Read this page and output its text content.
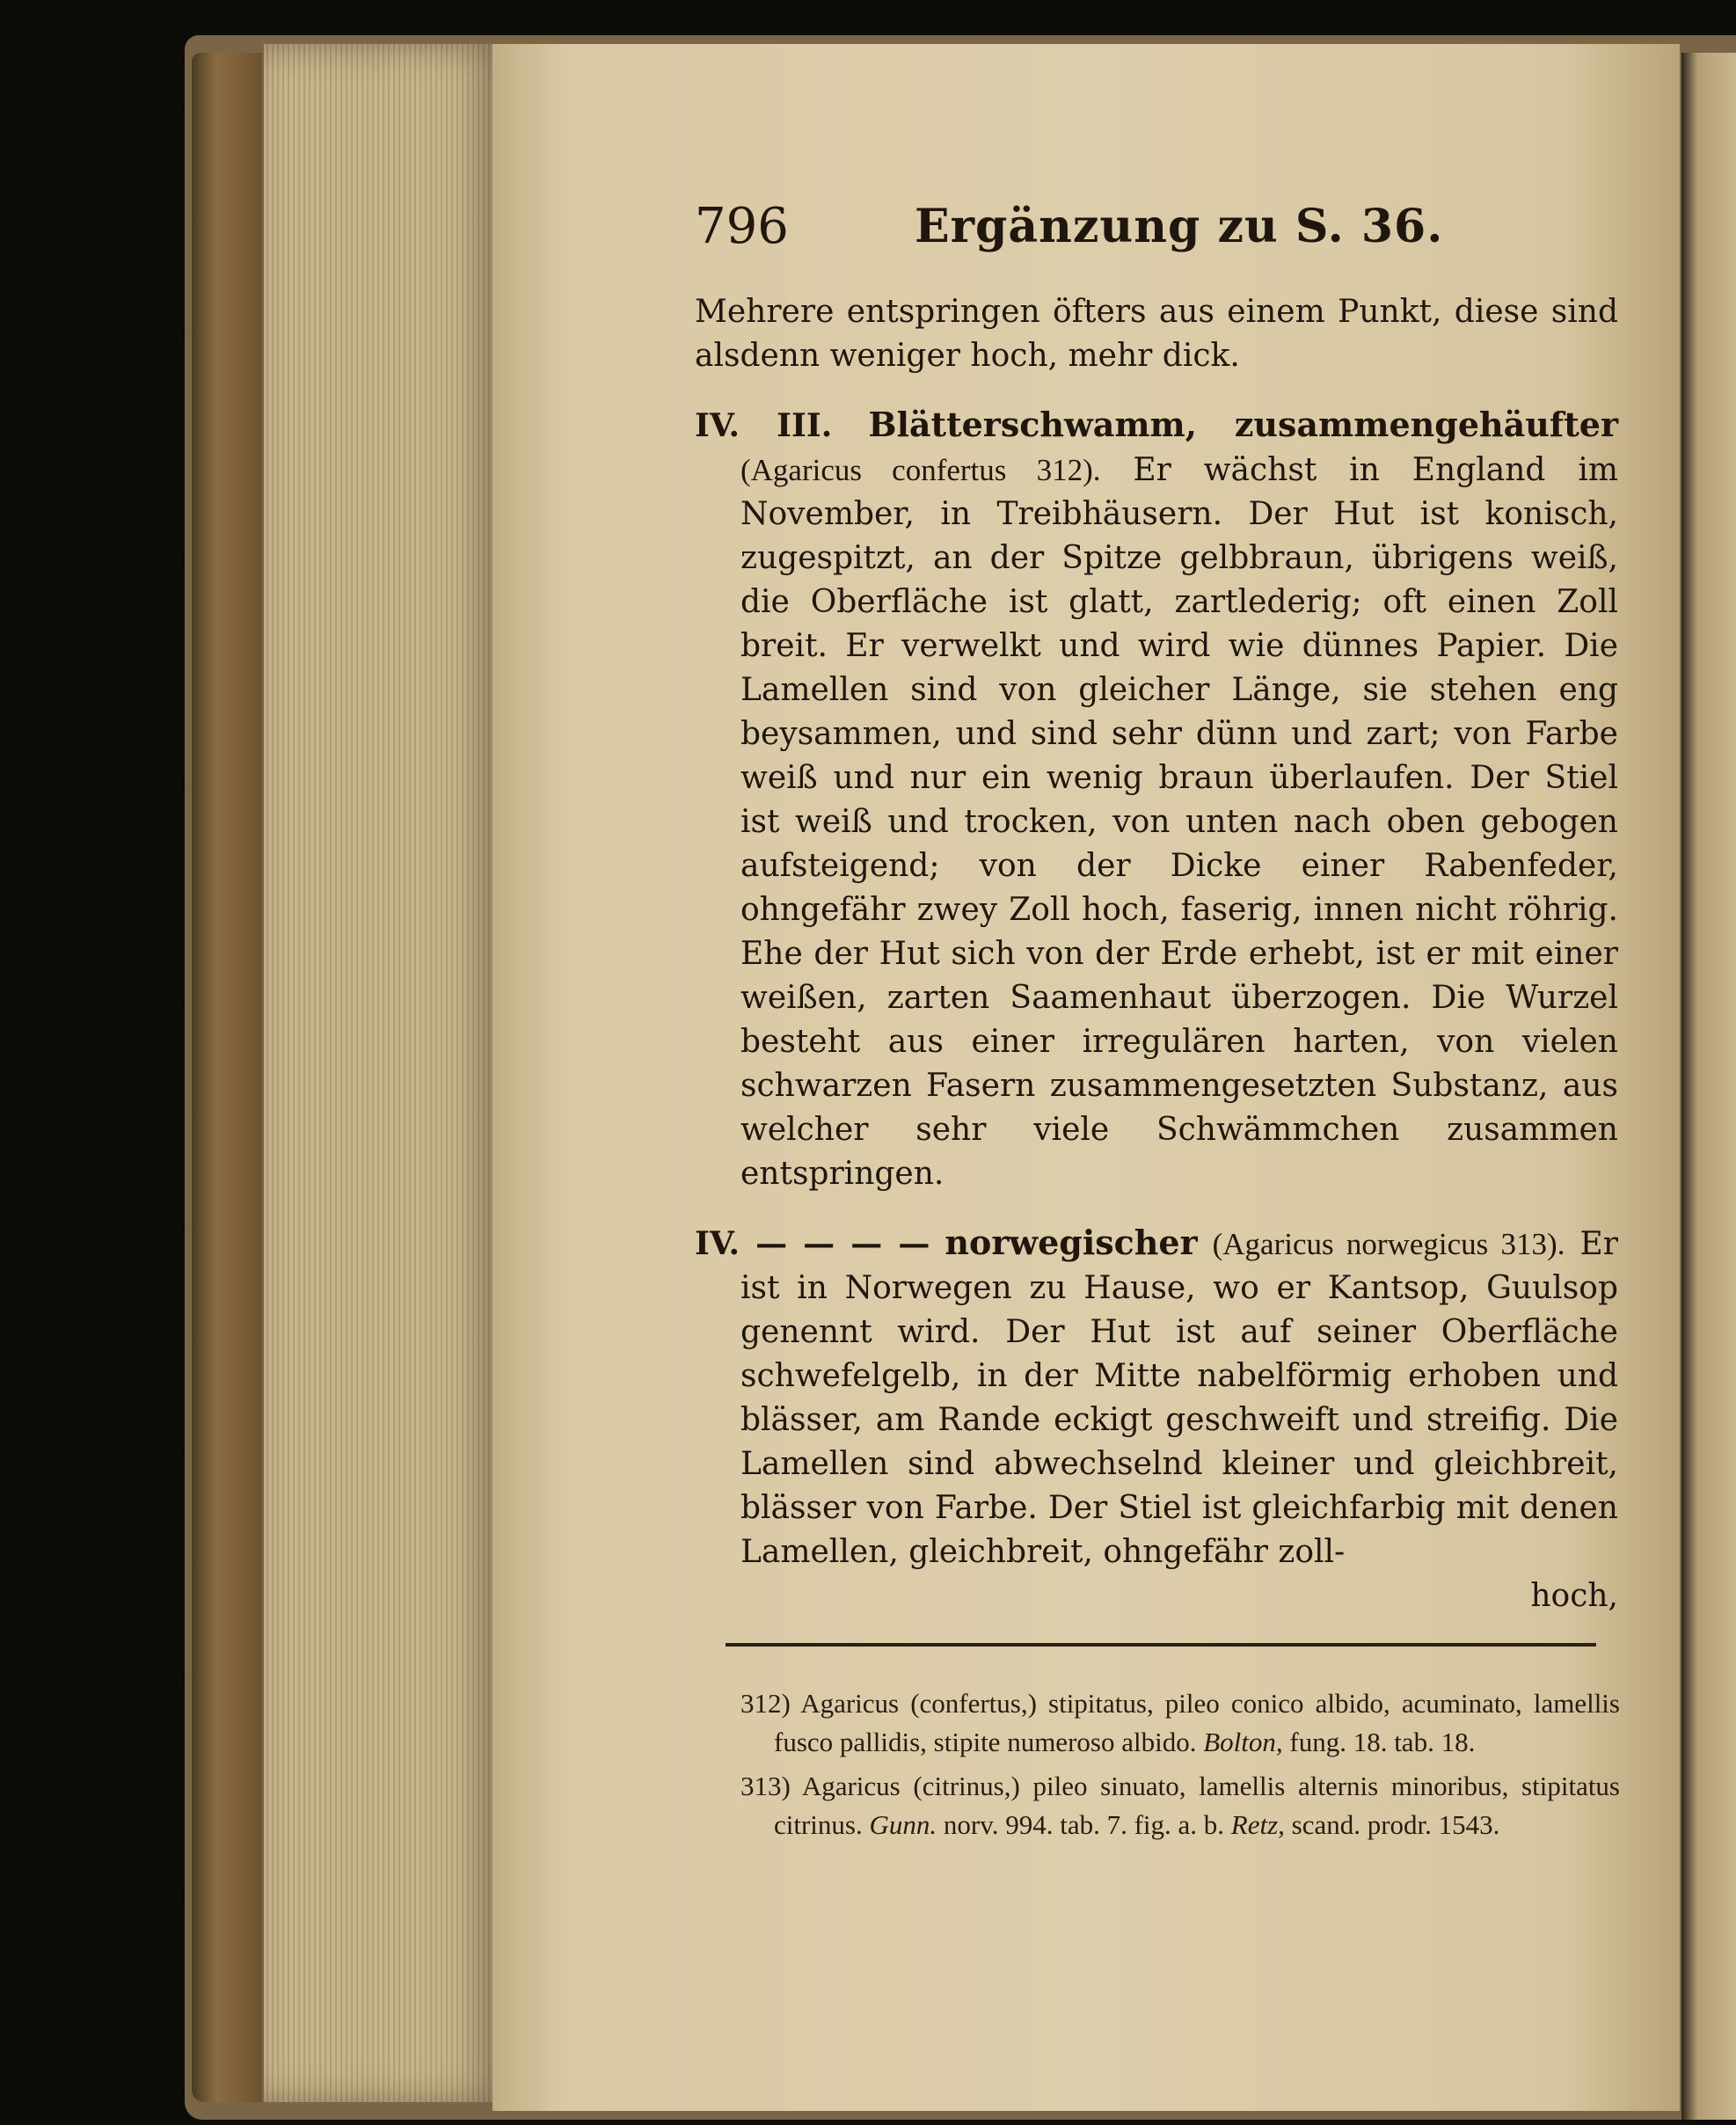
796	Ergänzung zu S. 36.

Mehrere entspringen öfters aus einem Punkt, diese sind alsdenn weniger hoch, mehr dick.

IV. III. Blätterschwamm, zusammengehäufter (Agaricus confertus 312). Er wächst in England im November, in Treibhäusern. Der Hut ist konisch, zugespitzt, an der Spitze gelbbraun, übrigens weiß, die Oberfläche ist glatt, zartlederig; oft einen Zoll breit. Er verwelkt und wird wie dünnes Papier. Die Lamellen sind von gleicher Länge, sie stehen eng beysammen, und sind sehr dünn und zart; von Farbe weiß und nur ein wenig braun überlaufen. Der Stiel ist weiß und trocken, von unten nach oben gebogen aufsteigend; von der Dicke einer Rabenfeder, ohngefähr zwey Zoll hoch, faserig, innen nicht röhrig. Ehe der Hut sich von der Erde erhebt, ist er mit einer weißen, zarten Saamenhaut überzogen. Die Wurzel besteht aus einer irregulären harten, von vielen schwarzen Fasern zusammengesetzten Substanz, aus welcher sehr viele Schwämmchen zusammen entspringen.

IV. — — — — norwegischer (Agaricus norwegicus 313). Er ist in Norwegen zu Hause, wo er Kantsop, Guulsop genennt wird. Der Hut ist auf seiner Oberfläche schwefelgelb, in der Mitte nabelförmig erhoben und blässer, am Rande eckigt geschweift und streifig. Die Lamellen sind abwechselnd kleiner und gleichbreit, blässer von Farbe. Der Stiel ist gleichfarbig mit denen Lamellen, gleichbreit, ohngefähr zoll-

hoch,

312) Agaricus (confertus,) stipitatus, pileo conico albido, acuminato, lamellis fusco pallidis, stipite numeroso albido. Bolton, fung. 18. tab. 18.

313) Agaricus (citrinus,) pileo sinuato, lamellis alternis minoribus, stipitatus citrinus. Gunn. norv. 994. tab. 7. fig. a. b. Retz, scand. prodr. 1543.
